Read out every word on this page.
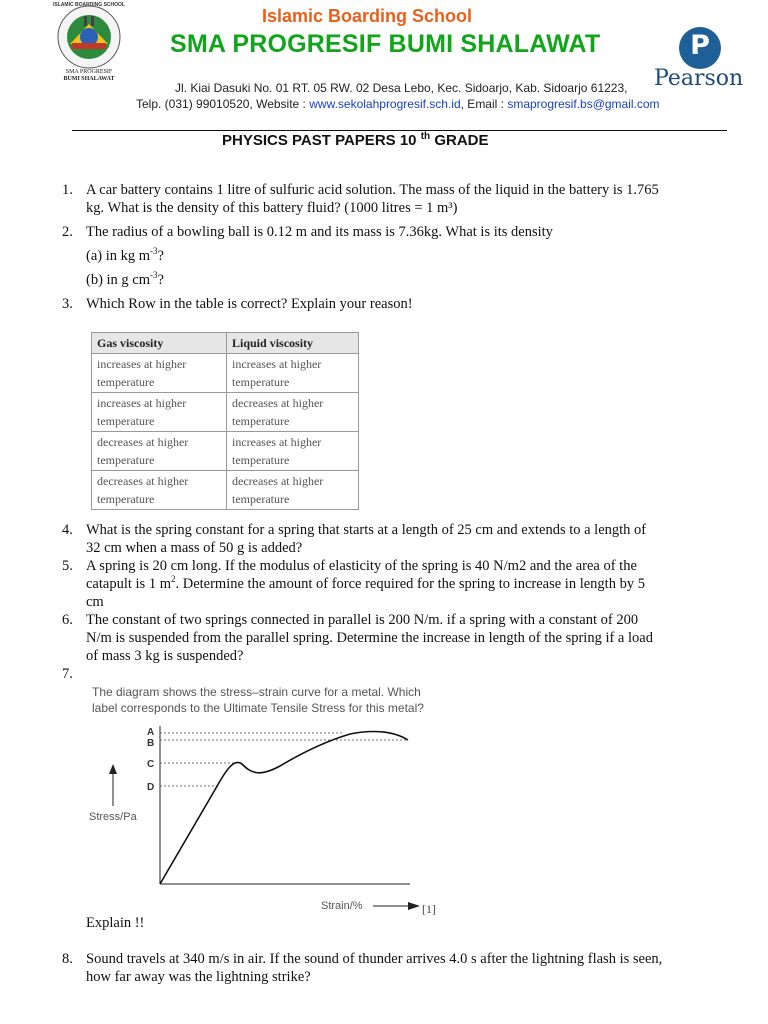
ISLAMIC BOARDING SCHOOL
SMA PROGRESIF
BUMI SHALAWAT
Islamic Boarding School
SMA PROGRESIF BUMI SHALAWAT	P
Pearson
Jl. Kiai Dasuki No. 01 RT. 05 RW. 02 Desa Lebo, Kec. Sidoarjo, Kab. Sidoarjo 61223,
Telp. (031) 99010520, Website : www.sekolahprogresif.sch.id, Email : smaprogresif.bs@gmail.com
PHYSICS PAST PAPERS 10 $^{th}$ GRADE
1. A car battery contains 1 litre of sulfuric acid solution. The mass of the liquid in the battery is 1.765 kg. What is the density of this battery fluid? (1000 litres = 1 m³)
2. The radius of a bowling ball is 0.12 m and its mass is 7.36kg. What is its density
(a) in kg $m^{-3}$?
(b) in g $cm^{-3}$?
3. Which Row in the table is correct? Explain your reason!
Gas viscosity	Liquid viscosity
increases at higher temperature	increases at higher temperature
increases at higher temperature	decreases at higher temperature
decreases at higher temperature	increases at higher temperature
decreases at higher temperature	decreases at higher temperature
4. What is the spring constant for a spring that starts at a length of 25 cm and extends to a length of 32 cm when a mass of 50 g is added?
5. A spring is 20 cm long. If the modulus of elasticity of the spring is 40 N/m2 and the area of the catapult is 1 $m^2$. Determine the amount of force required for the spring to increase in length by 5 cm
6. The constant of two springs connected in parallel is 200 N/m. if a spring with a constant of 200 N/m is suspended from the parallel spring. Determine the increase in length of the spring if a load of mass 3 kg is suspended?
7.
The diagram shows the stress–strain curve for a metal. Which
label corresponds to the Ultimate Tensile Stress for this metal?
Stress/Pa
Strain/%	[1]
A
B
C
D
Explain !!
8. Sound travels at 340 m/s in air. If the sound of thunder arrives 4.0 s after the lightning flash is seen, how far away was the lightning strike?
